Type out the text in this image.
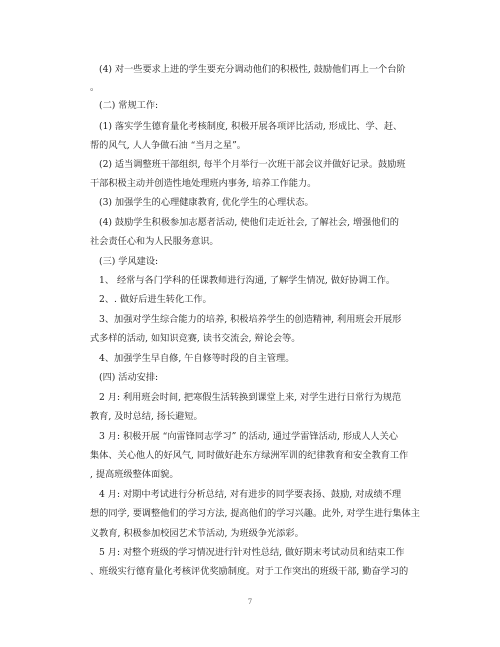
(4) 对一些要求上进的学生要充分调动他们的积极性, 鼓励他们再上一个台阶
。
(二) 常规工作:
(1) 落实学生德育量化考核制度, 积极开展各项评比活动, 形成比、学、赶、
帮的风气, 人人争做石油 “当月之星”。
(2) 适当调整班干部组织, 每半个月举行一次班干部会议并做好记录。鼓励班
干部积极主动并创造性地处理班内事务, 培养工作能力。
(3) 加强学生的心理健康教育, 优化学生的心理状态。
(4) 鼓励学生积极参加志愿者活动, 使他们走近社会, 了解社会, 增强他们的
社会责任心和为人民服务意识。
(三) 学风建设:
1、 经常与各门学科的任课教师进行沟通, 了解学生情况, 做好协调工作。
2、. 做好后进生转化工作。
3、加强对学生综合能力的培养, 积极培养学生的创造精神, 利用班会开展形
式多样的活动, 如知识竞赛, 读书交流会, 辩论会等。
4、加强学生早自修, 午自修等时段的自主管理。
(四) 活动安排:
2 月: 利用班会时间, 把寒假生活转换到课堂上来, 对学生进行日常行为规范
教育, 及时总结, 扬长避短。
3 月: 积极开展 “向雷锋同志学习” 的活动, 通过学雷锋活动, 形成人人关心
集体、关心他人的好风气, 同时做好赴东方绿洲军训的纪律教育和安全教育工作
, 提高班级整体面貌。
4 月: 对期中考试进行分析总结, 对有进步的同学要表扬、鼓励, 对成绩不理
想的同学, 要调整他们的学习方法, 提高他们的学习兴趣。此外, 对学生进行集体主
义教育, 积极参加校园艺术节活动, 为班级争光添彩。
5 月: 对整个班级的学习情况进行针对性总结, 做好期末考试动员和结束工作
、班级实行德育量化考核评优奖励制度。对于工作突出的班级干部, 勤奋学习的
7
